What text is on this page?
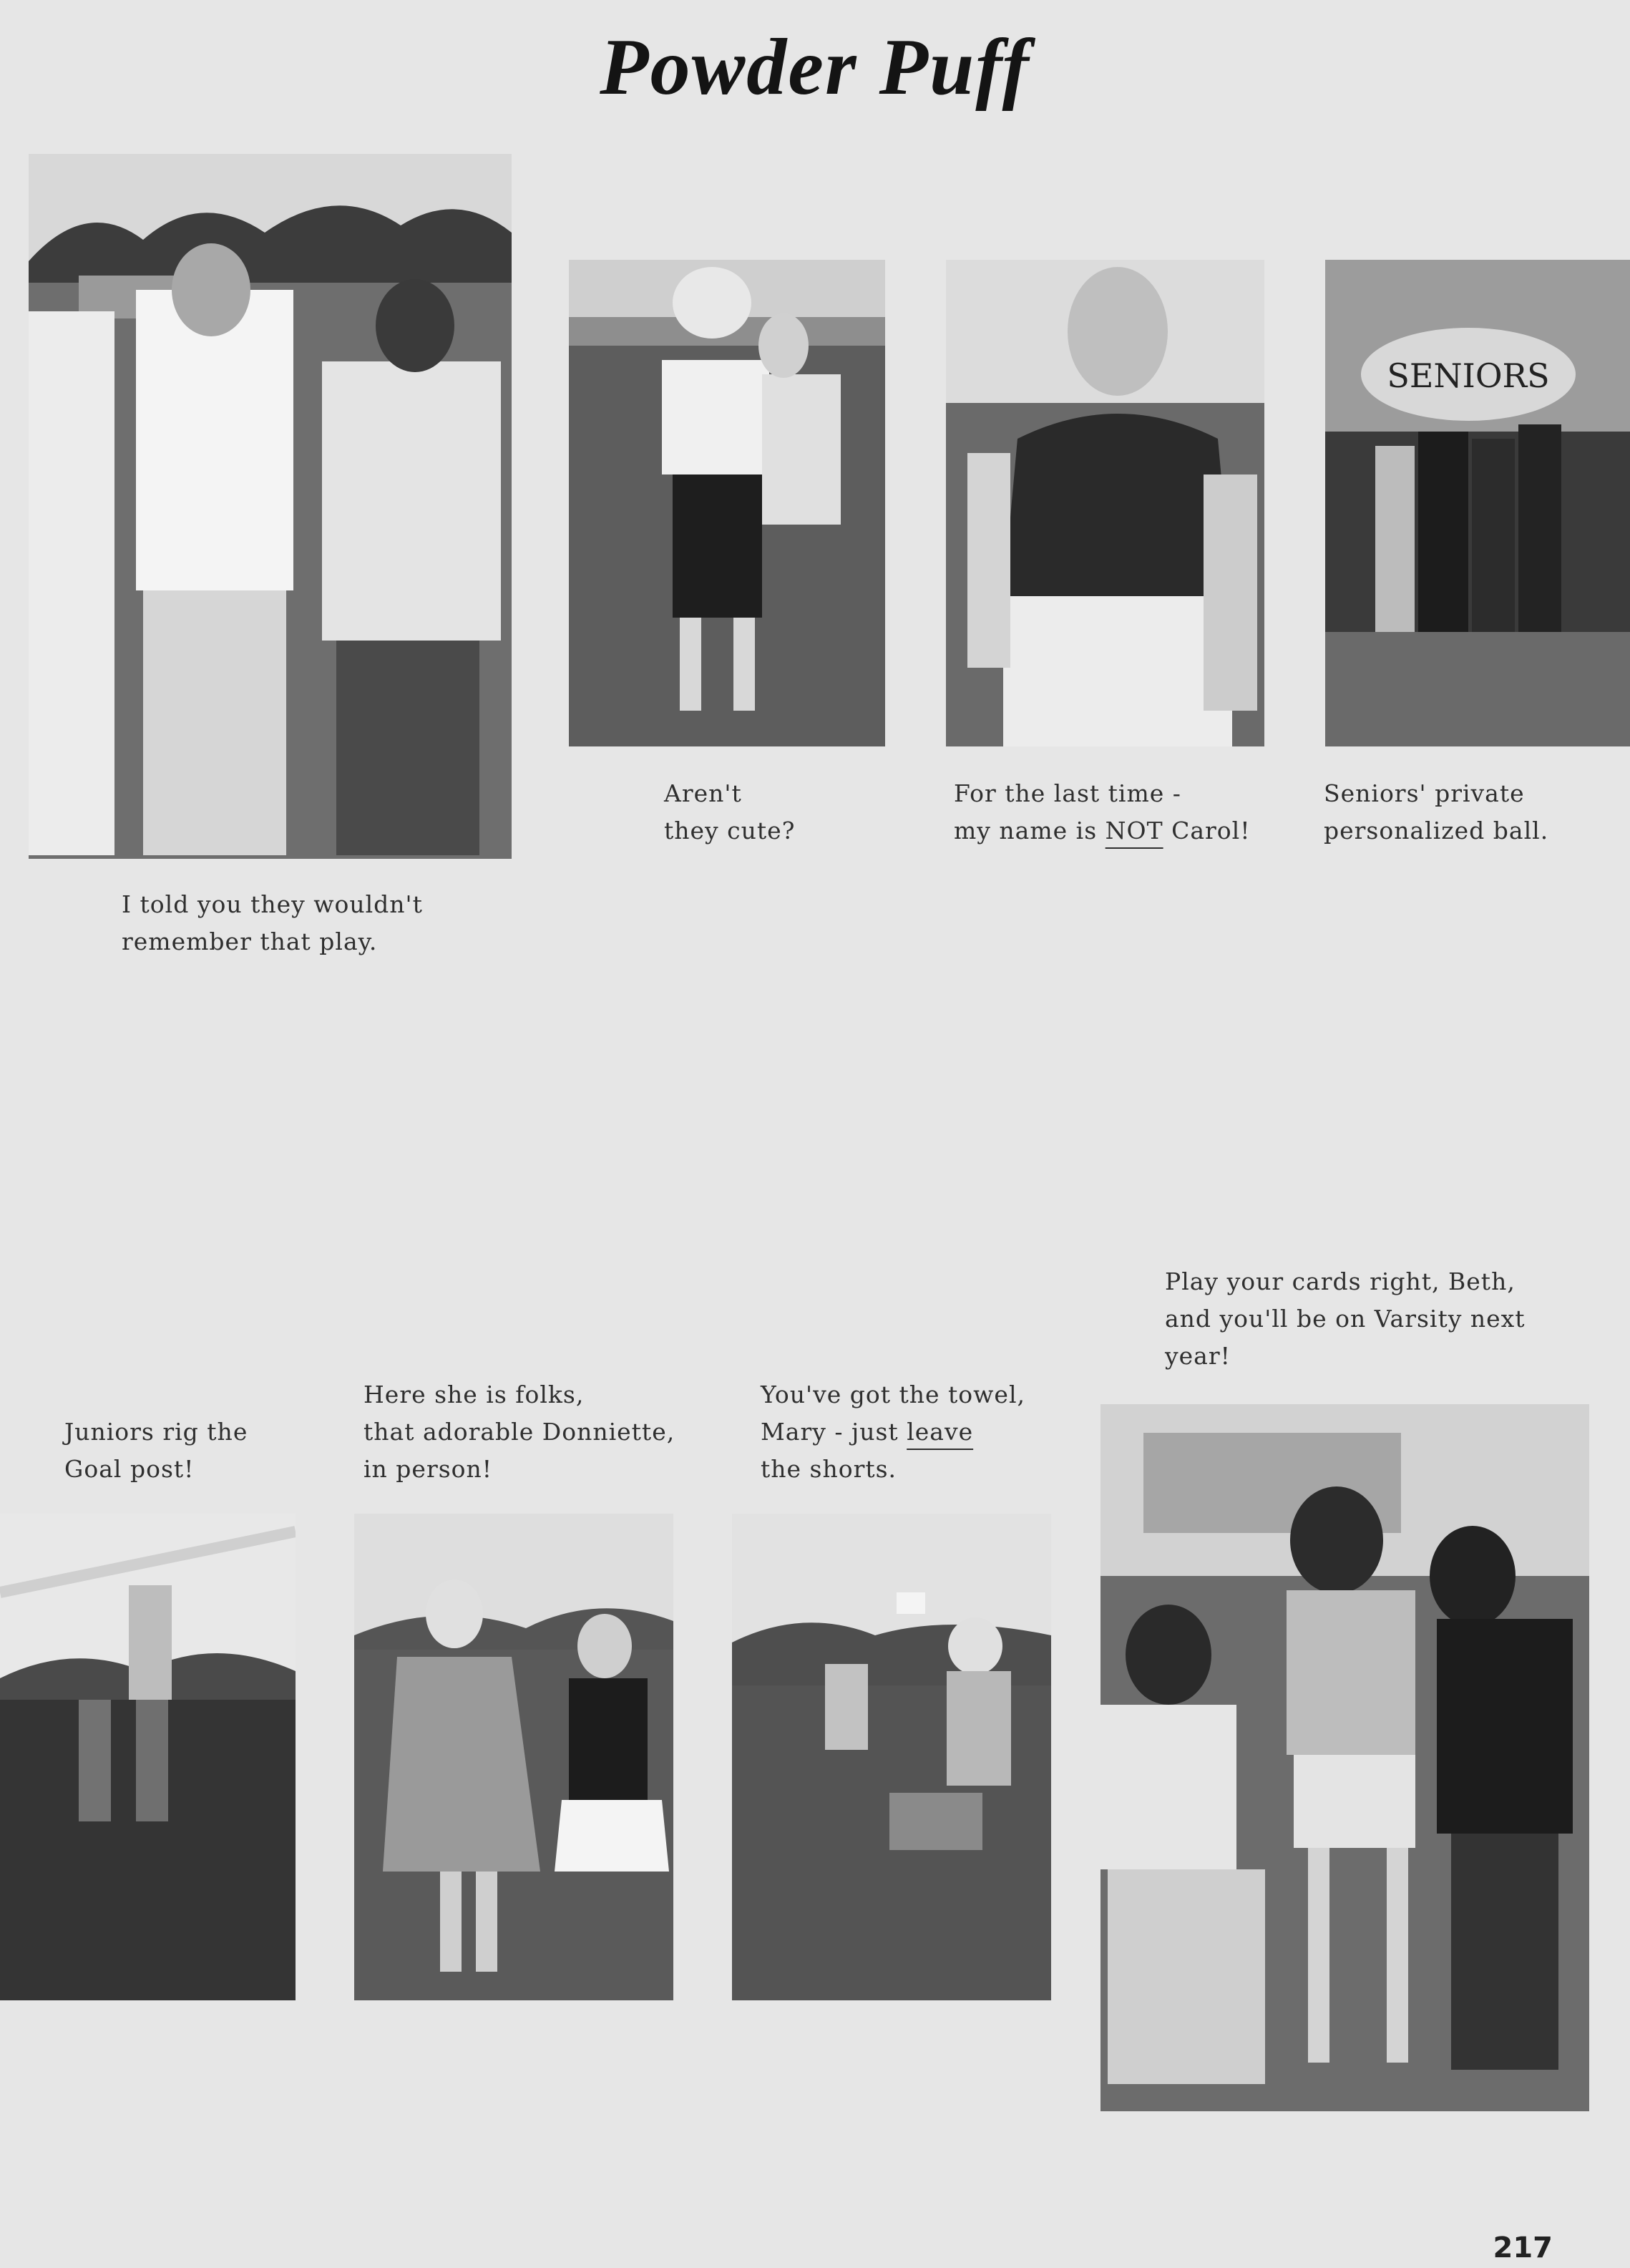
Powder Puff
SENIORS
I told you they wouldn't
remember that play.
Aren't
they cute?
For the last time -
my name is NOT Carol!
Seniors' private
personalized ball.
Juniors rig the
Goal post!
Here she is folks,
that adorable Donniette,
in person!
You've got the towel,
Mary - just leave
the shorts.
Play your cards right, Beth,
and you'll be on Varsity next
year!
217
